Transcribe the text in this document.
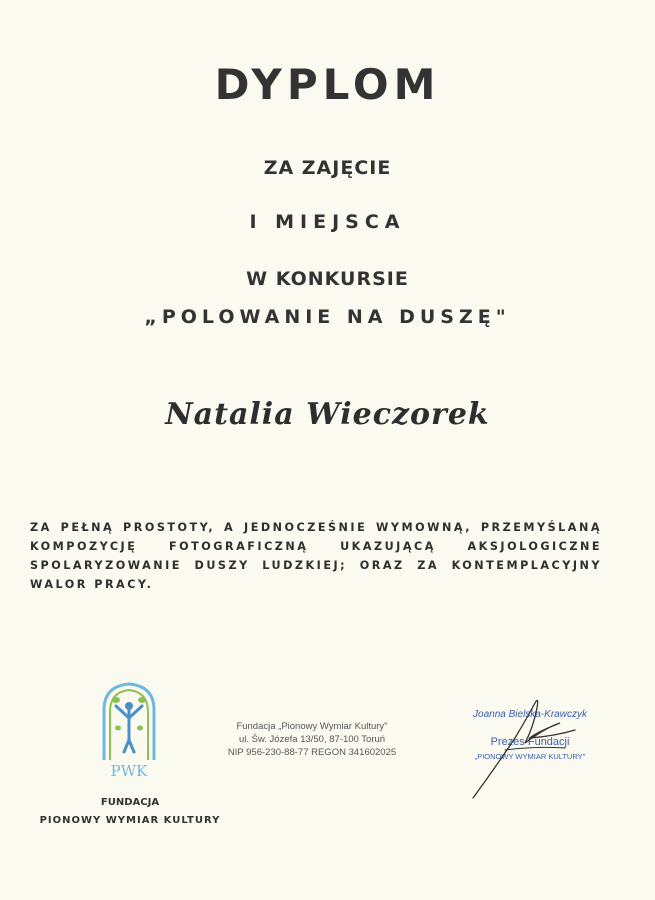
DYPLOM
ZA ZAJĘCIE
I MIEJSCA
W KONKURSIE
„POLOWANIE NA DUSZĘ"
Natalia Wieczorek
ZA PEŁNĄ PROSTOTY, A JEDNOCZEŚNIE WYMOWNĄ, PRZEMYŚLANĄ KOMPOZYCJĘ FOTOGRAFICZNĄ UKAZUJĄCĄ AKSJOLOGICZNE SPOLARYZOWANIE DUSZY LUDZKIEJ; ORAZ ZA KONTEMPLACYJNY WALOR PRACY.
PWK
FUNDACJA
PIONOWY WYMIAR KULTURY
Fundacja „Pionowy Wymiar Kultury"
ul. Św. Józefa 13/50, 87-100 Toruń
NIP 956-230-88-77 REGON 341602025
Joanna Bielska-Krawczyk
Prezes Fundacji
„PIONOWY WYMIAR KULTURY"
